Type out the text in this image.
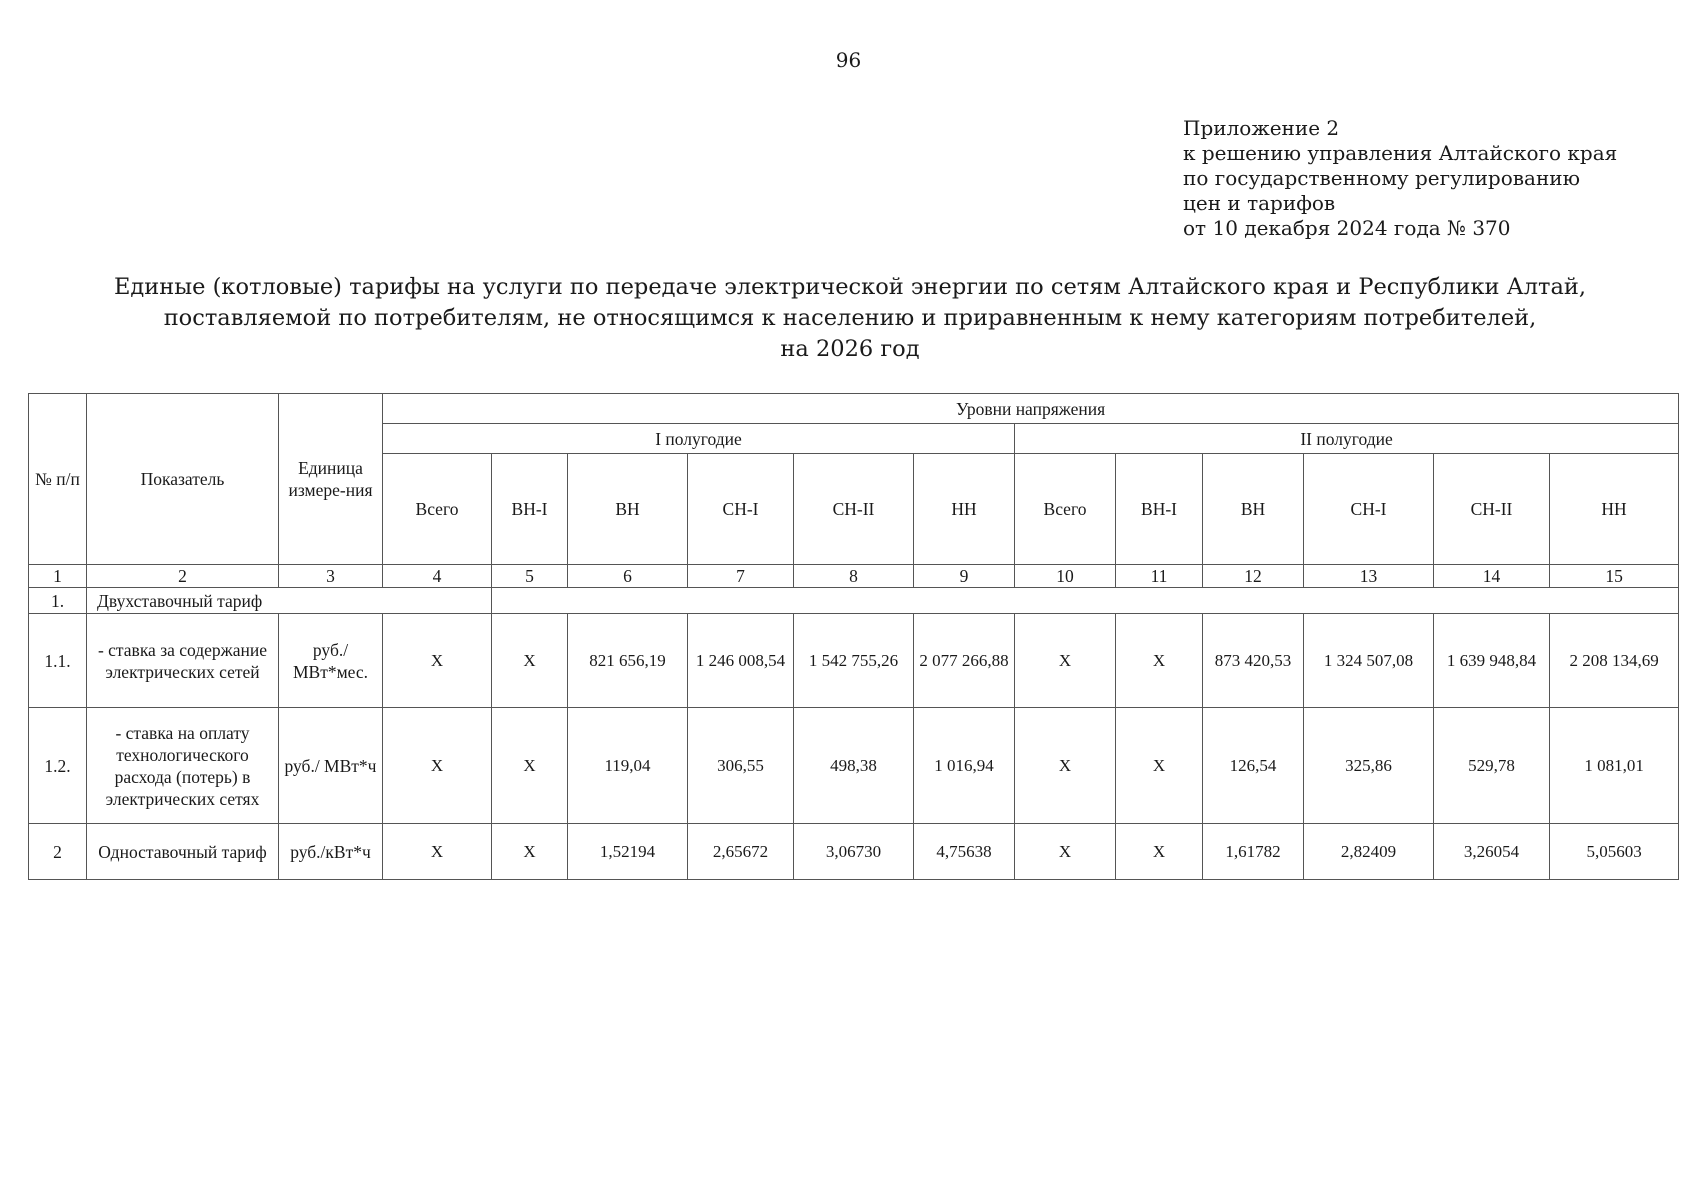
96
Приложение 2
к решению управления Алтайского края
по государственному регулированию
цен и тарифов
от 10 декабря 2024 года № 370
Единые (котловые) тарифы на услуги по передаче электрической энергии по сетям Алтайского края и Республики Алтай,
поставляемой по потребителям, не относящимся к населению и приравненным к нему категориям потребителей,
на 2026 год
№ п/п	Показатель	Единица измере-ния	Уровни напряжения											
			I полугодие						II полугодие					
			Всего	ВН-I	ВН	СН-I	СН-II	НН	Всего	ВН-I	ВН	СН-I	СН-II	НН
1	2	3	4	5	6	7	8	9	10	11	12	13	14	15
1.	Двухставочный тариф													
1.1.	- ставка за содержание электрических сетей	руб./ МВт*мес.	X	X	821 656,19	1 246 008,54	1 542 755,26	2 077 266,88	X	X	873 420,53	1 324 507,08	1 639 948,84	2 208 134,69
1.2.	- ставка на оплату технологического расхода (потерь) в электрических сетях	руб./ МВт*ч	X	X	119,04	306,55	498,38	1 016,94	X	X	126,54	325,86	529,78	1 081,01
2	Одноставочный тариф	руб./кВт*ч	X	X	1,52194	2,65672	3,06730	4,75638	X	X	1,61782	2,82409	3,26054	5,05603
